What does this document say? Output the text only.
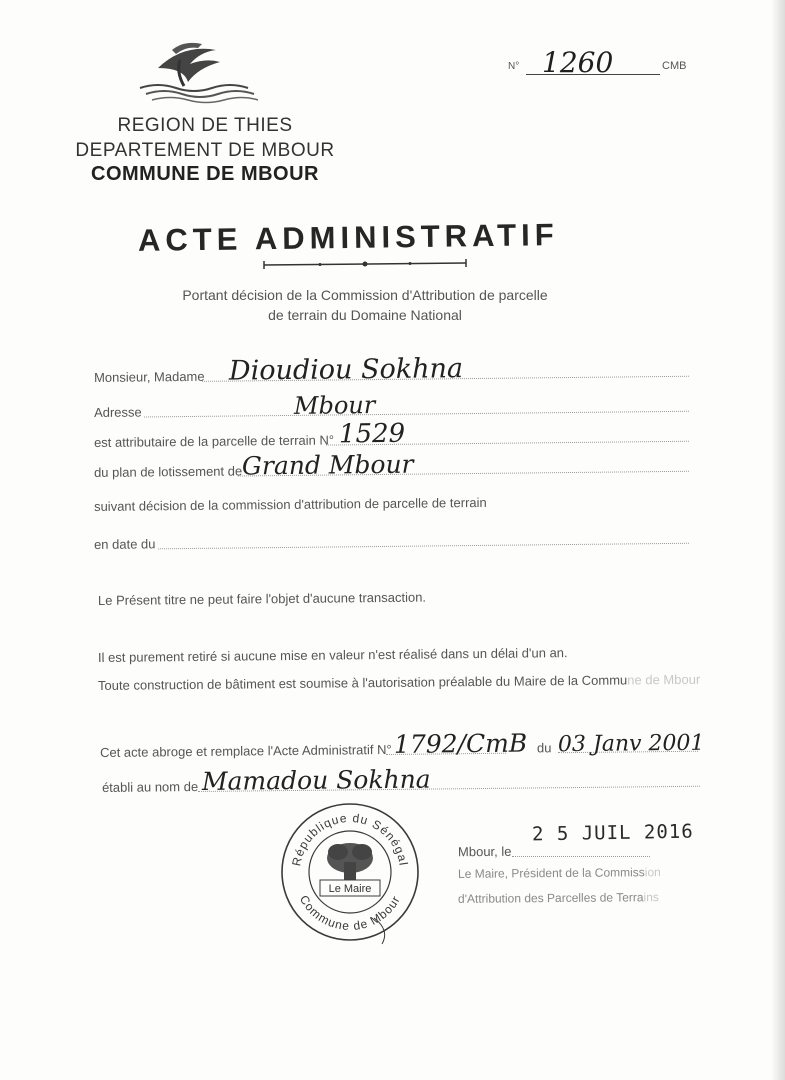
REGION DE THIES
DEPARTEMENT DE MBOUR
COMMUNE DE MBOUR
N° 1260	CMB
ACTE ADMINISTRATIF
Portant décision de la Commission d'Attribution de parcelle
de terrain du Domaine National
Monsieur, Madame Dioudiou Sokhna
Adresse	Mbour
est attributaire de la parcelle de terrain N° 1529
du plan de lotissement de Grand Mbour
suivant décision de la commission d'attribution de parcelle de terrain
en date du
Le Présent titre ne peut faire l'objet d'aucune transaction.
Il est purement retiré si aucune mise en valeur n'est réalisé dans un délai d'un an.
Toute construction de bâtiment est soumise à l'autorisation préalable du Maire de la Commune de Mbour
Cet acte abroge et remplace l'Acte Administratif N° 1792/CmB du 03 Janv 2001
établi au nom de Mamadou Sokhna
République du Sénégal
Commune de Mbour
Le Maire
Mbour, le
2 5 JUIL 2016
Le Maire, Président de la Commission
d'Attribution des Parcelles de Terrains
